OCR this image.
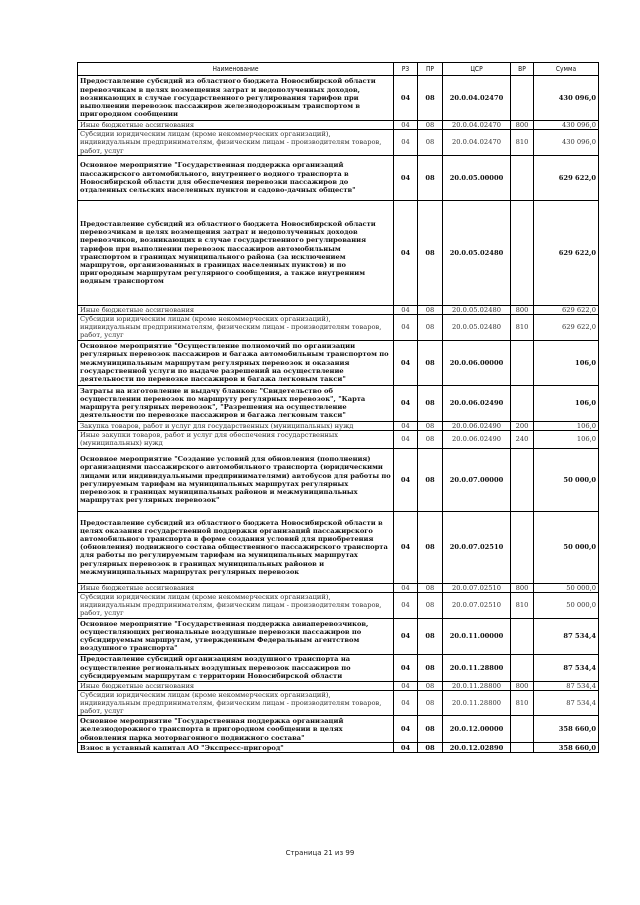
Наименование	РЗ	ПР	ЦСР	ВР	Сумма
Предоставление субсидий из областного бюджета Новосибирской области перевозчикам в целях возмещения затрат и недополученных доходов, возникающих в случае государственного регулирования тарифов при выполнении перевозок пассажиров железнодорожным транспортом в пригородном сообщении	04	08	20.0.04.02470		430 096,0
Иные бюджетные ассигнования	04	08	20.0.04.02470	800	430 096,0
Субсидии юридическим лицам (кроме некоммерческих организаций), индивидуальным предпринимателям, физическим лицам - производителям товаров, работ, услуг	04	08	20.0.04.02470	810	430 096,0
Основное мероприятие "Государственная поддержка организаций пассажирского автомобильного, внутреннего водного транспорта в Новосибирской области для обеспечения перевозки пассажиров до отдаленных сельских населенных пунктов и садово-дачных обществ"	04	08	20.0.05.00000		629 622,0
Предоставление субсидий из областного бюджета Новосибирской области перевозчикам в целях возмещения затрат и недополученных доходов перевозчиков, возникающих в случае государственного регулирования тарифов при выполнении перевозок пассажиров автомобильным транспортом в границах муниципального района (за исключением маршрутов, организованных в границах населенных пунктов) и по пригородным маршрутам регулярного сообщения, а также внутренним водным транспортом	04	08	20.0.05.02480		629 622,0
Иные бюджетные ассигнования	04	08	20.0.05.02480	800	629 622,0
Субсидии юридическим лицам (кроме некоммерческих организаций), индивидуальным предпринимателям, физическим лицам - производителям товаров, работ, услуг	04	08	20.0.05.02480	810	629 622,0
Основное мероприятие "Осуществление полномочий по организации регулярных перевозок пассажиров и багажа автомобильным транспортом по межмуниципальным маршрутам регулярных перевозок и оказания государственной услуги по выдаче разрешений на осуществление деятельности по перевозке пассажиров и багажа легковым такси"	04	08	20.0.06.00000		106,0
Затраты на изготовление и выдачу бланков: "Свидетельство об осуществлении перевозок по маршруту регулярных перевозок", "Карта маршрута регулярных перевозок", "Разрешения на осуществление деятельности по перевозке пассажиров и багажа легковым такси"	04	08	20.0.06.02490		106,0
Закупка товаров, работ и услуг для государственных (муниципальных) нужд	04	08	20.0.06.02490	200	106,0
Иные закупки товаров, работ и услуг для обеспечения государственных (муниципальных) нужд	04	08	20.0.06.02490	240	106,0
Основное мероприятие "Создание условий для обновления (пополнения) организациями пассажирского автомобильного транспорта (юридическими лицами или индивидуальными предпринимателями) автобусов для работы по регулируемым тарифам на муниципальных маршрутах регулярных перевозок в границах муниципальных районов и межмуниципальных маршрутах регулярных перевозок"	04	08	20.0.07.00000		50 000,0
Предоставление субсидий из областного бюджета Новосибирской области в целях оказания государственной поддержки организаций пассажирского автомобильного транспорта в форме создания условий для приобретения (обновления) подвижного состава общественного пассажирского транспорта для работы по регулируемым тарифам на муниципальных маршрутах регулярных перевозок в границах муниципальных районов и межмуниципальных маршрутах регулярных перевозок	04	08	20.0.07.02510		50 000,0
Иные бюджетные ассигнования	04	08	20.0.07.02510	800	50 000,0
Субсидии юридическим лицам (кроме некоммерческих организаций), индивидуальным предпринимателям, физическим лицам - производителям товаров, работ, услуг	04	08	20.0.07.02510	810	50 000,0
Основное мероприятие "Государственная поддержка авиаперевозчиков, осуществляющих региональные воздушные перевозки пассажиров по субсидируемым маршрутам, утвержденным Федеральным агентством воздушного транспорта"	04	08	20.0.11.00000		87 534,4
Предоставление субсидий организациям воздушного транспорта на осуществление региональных воздушных перевозок пассажиров по субсидируемым маршрутам с территории Новосибирской области	04	08	20.0.11.28800		87 534,4
Иные бюджетные ассигнования	04	08	20.0.11.28800	800	87 534,4
Субсидии юридическим лицам (кроме некоммерческих организаций), индивидуальным предпринимателям, физическим лицам - производителям товаров, работ, услуг	04	08	20.0.11.28800	810	87 534,4
Основное мероприятие "Государственная поддержка организаций железнодорожного транспорта в пригородном сообщении в целях обновления парка моторвагонного подвижного состава"	04	08	20.0.12.00000		358 660,0
Взнос в уставный капитал АО "Экспресс-пригород"	04	08	20.0.12.02890		358 660,0
Страница 21 из 99
